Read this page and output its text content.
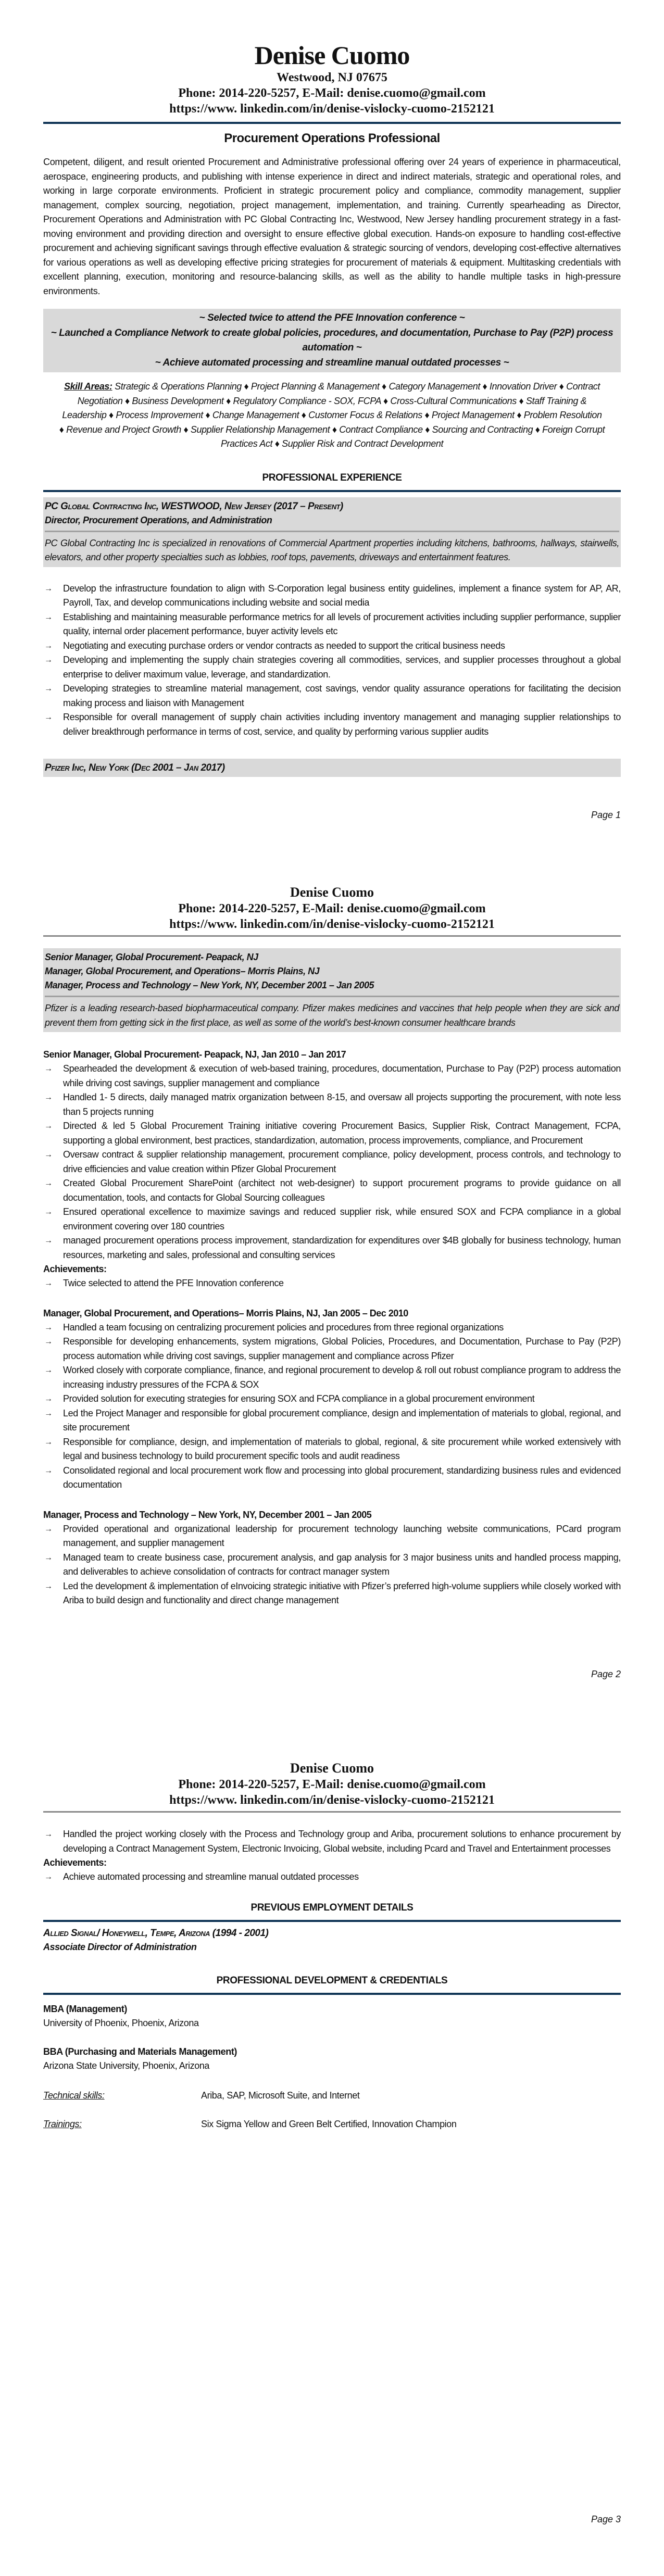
Denise Cuomo
Westwood, NJ 07675
Phone: 2014-220-5257, E-Mail: denise.cuomo@gmail.com
https://www. linkedin.com/in/denise-vislocky-cuomo-2152121
Procurement Operations Professional
Competent, diligent, and result oriented Procurement and Administrative professional offering over 24 years of experience in pharmaceutical, aerospace, engineering products, and publishing with intense experience in direct and indirect materials, strategic and operational roles, and working in large corporate environments. Proficient in strategic procurement policy and compliance, commodity management, supplier management, complex sourcing, negotiation, project management, implementation, and training. Currently spearheading as Director, Procurement Operations and Administration with PC Global Contracting Inc, Westwood, New Jersey handling procurement strategy in a fast-moving environment and providing direction and oversight to ensure effective global execution. Hands-on exposure to handling cost-effective procurement and achieving significant savings through effective evaluation & strategic sourcing of vendors, developing cost-effective alternatives for various operations as well as developing effective pricing strategies for procurement of materials & equipment. Multitasking credentials with excellent planning, execution, monitoring and resource-balancing skills, as well as the ability to handle multiple tasks in high-pressure environments.
~ Selected twice to attend the PFE Innovation conference ~
~ Launched a Compliance Network to create global policies, procedures, and documentation, Purchase to Pay (P2P) process automation ~
~ Achieve automated processing and streamline manual outdated processes ~
Skill Areas: Strategic & Operations Planning ♦ Project Planning & Management ♦ Category Management ♦ Innovation Driver ♦ Contract Negotiation ♦ Business Development ♦ Regulatory Compliance - SOX, FCPA ♦ Cross-Cultural Communications ♦ Staff Training & Leadership ♦ Process Improvement ♦ Change Management ♦ Customer Focus & Relations ♦ Project Management ♦ Problem Resolution ♦ Revenue and Project Growth ♦ Supplier Relationship Management ♦ Contract Compliance ♦ Sourcing and Contracting ♦ Foreign Corrupt Practices Act ♦ Supplier Risk and Contract Development
PROFESSIONAL EXPERIENCE
PC Global Contracting Inc, WESTWOOD, New Jersey (2017 – Present)
Director, Procurement Operations, and Administration
PC Global Contracting Inc is specialized in renovations of Commercial Apartment properties including kitchens, bathrooms, hallways, stairwells, elevators, and other property specialties such as lobbies, roof tops, pavements, driveways and entertainment features.
→ Develop the infrastructure foundation to align with S-Corporation legal business entity guidelines, implement a finance system for AP, AR, Payroll, Tax, and develop communications including website and social media
→ Establishing and maintaining measurable performance metrics for all levels of procurement activities including supplier performance, supplier quality, internal order placement performance, buyer activity levels etc
→ Negotiating and executing purchase orders or vendor contracts as needed to support the critical business needs
→ Developing and implementing the supply chain strategies covering all commodities, services, and supplier processes throughout a global enterprise to deliver maximum value, leverage, and standardization.
→ Developing strategies to streamline material management, cost savings, vendor quality assurance operations for facilitating the decision making process and liaison with Management
→ Responsible for overall management of supply chain activities including inventory management and managing supplier relationships to deliver breakthrough performance in terms of cost, service, and quality by performing various supplier audits
Pfizer Inc, New York (Dec 2001 – Jan 2017)
Page 1
Denise Cuomo
Phone: 2014-220-5257, E-Mail: denise.cuomo@gmail.com
https://www. linkedin.com/in/denise-vislocky-cuomo-2152121
Senior Manager, Global Procurement- Peapack, NJ
Manager, Global Procurement, and Operations– Morris Plains, NJ
Manager, Process and Technology – New York, NY, December 2001 – Jan 2005
Pfizer is a leading research-based biopharmaceutical company. Pfizer makes medicines and vaccines that help people when they are sick and prevent them from getting sick in the first place, as well as some of the world’s best-known consumer healthcare brands
Senior Manager, Global Procurement- Peapack, NJ, Jan 2010 – Jan 2017
→ Spearheaded the development & execution of web-based training, procedures, documentation, Purchase to Pay (P2P) process automation while driving cost savings, supplier management and compliance
→ Handled 1- 5 directs, daily managed matrix organization between 8-15, and oversaw all projects supporting the procurement, with note less than 5 projects running
→ Directed & led 5 Global Procurement Training initiative covering Procurement Basics, Supplier Risk, Contract Management, FCPA, supporting a global environment, best practices, standardization, automation, process improvements, compliance, and Procurement
→ Oversaw contract & supplier relationship management, procurement compliance, policy development, process controls, and technology to drive efficiencies and value creation within Pfizer Global Procurement
→ Created Global Procurement SharePoint (architect not web-designer) to support procurement programs to provide guidance on all documentation, tools, and contacts for Global Sourcing colleagues
→ Ensured operational excellence to maximize savings and reduced supplier risk, while ensured SOX and FCPA compliance in a global environment covering over 180 countries
→ managed procurement operations process improvement, standardization for expenditures over $4B globally for business technology, human resources, marketing and sales, professional and consulting services
Achievements:
→ Twice selected to attend the PFE Innovation conference
Manager, Global Procurement, and Operations– Morris Plains, NJ, Jan 2005 – Dec 2010
→ Handled a team focusing on centralizing procurement policies and procedures from three regional organizations
→ Responsible for developing enhancements, system migrations, Global Policies, Procedures, and Documentation, Purchase to Pay (P2P) process automation while driving cost savings, supplier management and compliance across Pfizer
→ Worked closely with corporate compliance, finance, and regional procurement to develop & roll out robust compliance program to address the increasing industry pressures of the FCPA & SOX
→ Provided solution for executing strategies for ensuring SOX and FCPA compliance in a global procurement environment
→ Led the Project Manager and responsible for global procurement compliance, design and implementation of materials to global, regional, and site procurement
→ Responsible for compliance, design, and implementation of materials to global, regional, & site procurement while worked extensively with legal and business technology to build procurement specific tools and audit readiness
→ Consolidated regional and local procurement work flow and processing into global procurement, standardizing business rules and evidenced documentation
Manager, Process and Technology – New York, NY, December 2001 – Jan 2005
→ Provided operational and organizational leadership for procurement technology launching website communications, PCard program management, and supplier management
→ Managed team to create business case, procurement analysis, and gap analysis for 3 major business units and handled process mapping, and deliverables to achieve consolidation of contracts for contract manager system
→ Led the development & implementation of eInvoicing strategic initiative with Pfizer’s preferred high-volume suppliers while closely worked with Ariba to build design and functionality and direct change management
Page 2
Denise Cuomo
Phone: 2014-220-5257, E-Mail: denise.cuomo@gmail.com
https://www. linkedin.com/in/denise-vislocky-cuomo-2152121
→ Handled the project working closely with the Process and Technology group and Ariba, procurement solutions to enhance procurement by developing a Contract Management System, Electronic Invoicing, Global website, including Pcard and Travel and Entertainment processes
Achievements:
→ Achieve automated processing and streamline manual outdated processes
PREVIOUS EMPLOYMENT DETAILS
Allied Signal/ Honeywell, Tempe, Arizona (1994 - 2001)
Associate Director of Administration
PROFESSIONAL DEVELOPMENT & CREDENTIALS
MBA (Management)
University of Phoenix, Phoenix, Arizona
BBA (Purchasing and Materials Management)
Arizona State University, Phoenix, Arizona
Technical skills:	Ariba, SAP, Microsoft Suite, and Internet
Trainings:	Six Sigma Yellow and Green Belt Certified, Innovation Champion
Page 3
